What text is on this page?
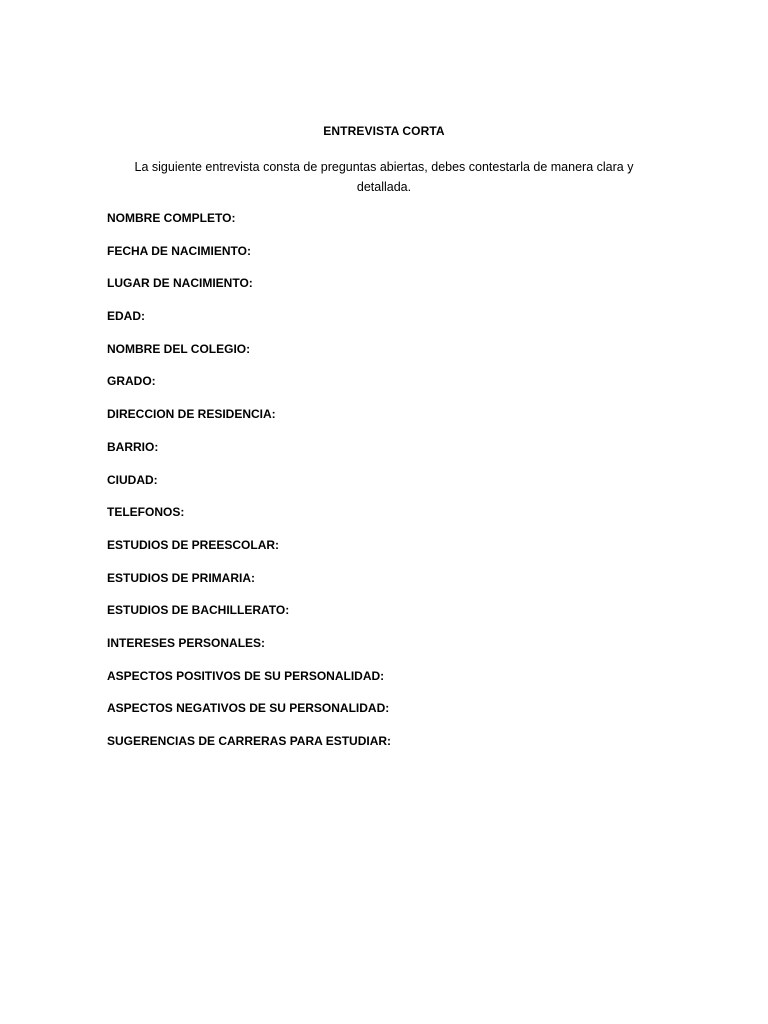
ENTREVISTA CORTA
La siguiente entrevista consta de preguntas abiertas, debes contestarla de manera clara y detallada.
NOMBRE COMPLETO:
FECHA DE NACIMIENTO:
LUGAR DE NACIMIENTO:
EDAD:
NOMBRE DEL COLEGIO:
GRADO:
DIRECCION DE RESIDENCIA:
BARRIO:
CIUDAD:
TELEFONOS:
ESTUDIOS DE PREESCOLAR:
ESTUDIOS DE PRIMARIA:
ESTUDIOS DE BACHILLERATO:
INTERESES PERSONALES:
ASPECTOS POSITIVOS DE SU PERSONALIDAD:
ASPECTOS NEGATIVOS DE SU PERSONALIDAD:
SUGERENCIAS DE CARRERAS PARA ESTUDIAR:
